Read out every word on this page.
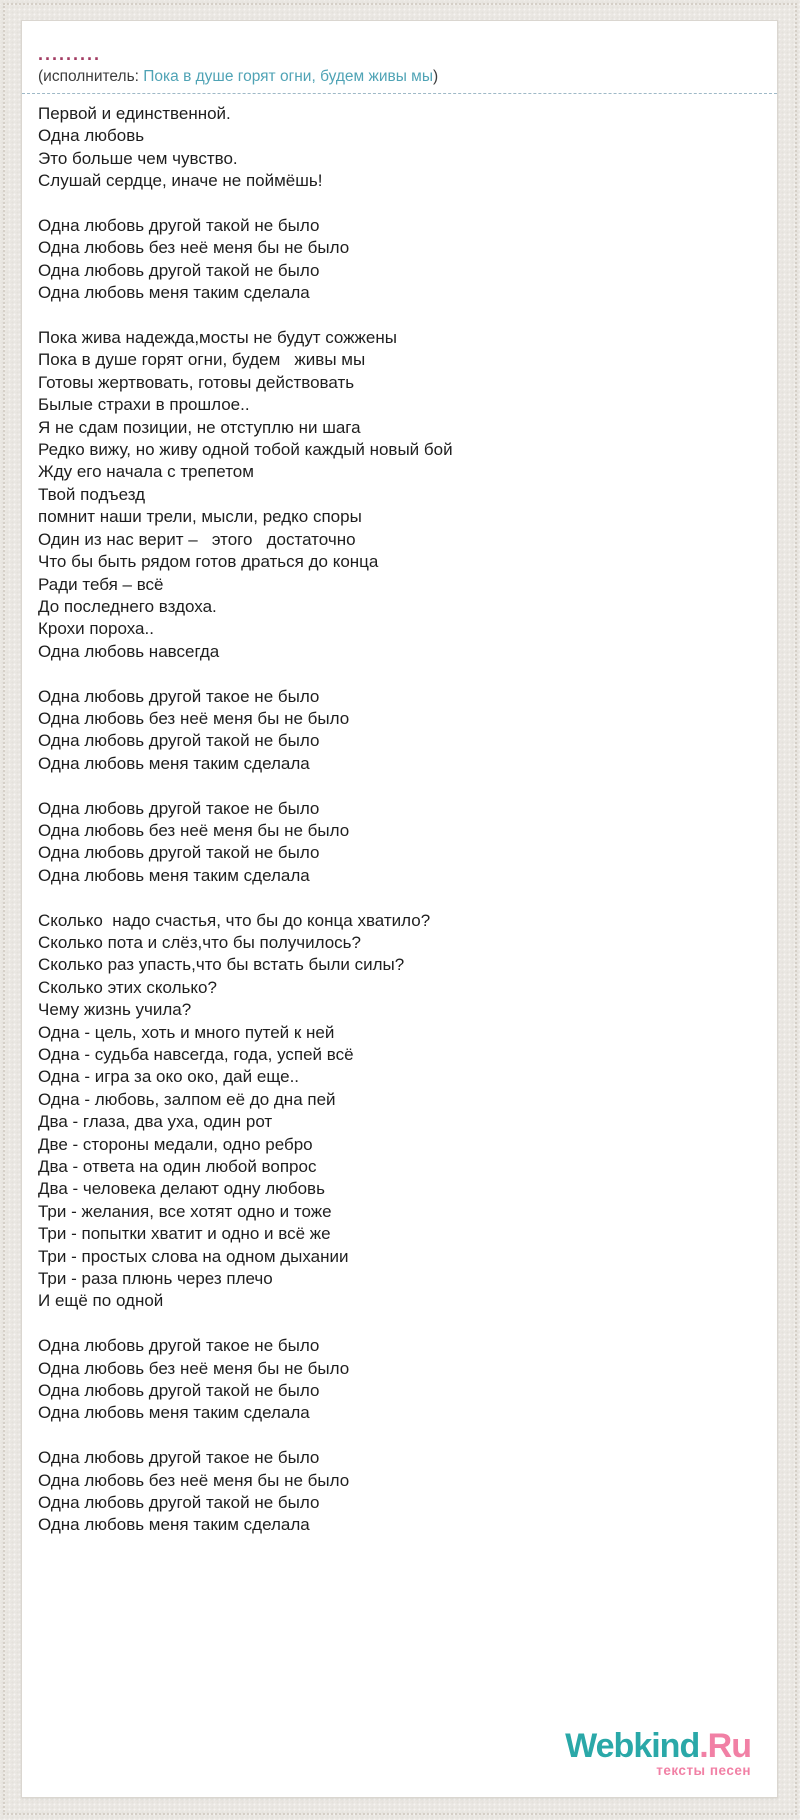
.........
(исполнитель: Пока в душе горят огни, будем живы мы)

Первой и единственной.
Одна любовь
Это больше чем чувство.
Слушай сердце, иначе не поймёшь!

Одна любовь другой такой не было
Одна любовь без неё меня бы не было
Одна любовь другой такой не было
Одна любовь меня таким сделала

Пока жива надежда,мосты не будут сожжены
Пока в душе горят огни, будем   живы мы
Готовы жертвовать, готовы действовать
Былые страхи в прошлое..
Я не сдам позиции, не отступлю ни шага
Редко вижу, но живу одной тобой каждый новый бой
Жду его начала с трепетом
Твой подъезд
помнит наши трели, мысли, редко споры
Один из нас верит –   этого   достаточно
Что бы быть рядом готов драться до конца
Ради тебя – всё
До последнего вздоха.
Крохи пороха..
Одна любовь навсегда

Одна любовь другой такое не было
Одна любовь без неё меня бы не было
Одна любовь другой такой не было
Одна любовь меня таким сделала

Одна любовь другой такое не было
Одна любовь без неё меня бы не было
Одна любовь другой такой не было
Одна любовь меня таким сделала

Сколько  надо счастья, что бы до конца хватило?
Сколько пота и слёз,что бы получилось?
Сколько раз упасть,что бы встать были силы?
Сколько этих сколько?
Чему жизнь учила?
Одна - цель, хоть и много путей к ней
Одна - судьба навсегда, года, успей всё
Одна - игра за око око, дай еще..
Одна - любовь, залпом её до дна пей
Два - глаза, два уха, один рот
Две - стороны медали, одно ребро
Два - ответа на один любой вопрос
Два - человека делают одну любовь
Три - желания, все хотят одно и тоже
Три - попытки хватит и одно и всё же
Три - простых слова на одном дыхании
Три - раза плюнь через плечо
И ещё по одной

Одна любовь другой такое не было
Одна любовь без неё меня бы не было
Одна любовь другой такой не было
Одна любовь меня таким сделала

Одна любовь другой такое не было
Одна любовь без неё меня бы не было
Одна любовь другой такой не было
Одна любовь меня таким сделала

Webkind.Ru
тексты песен
